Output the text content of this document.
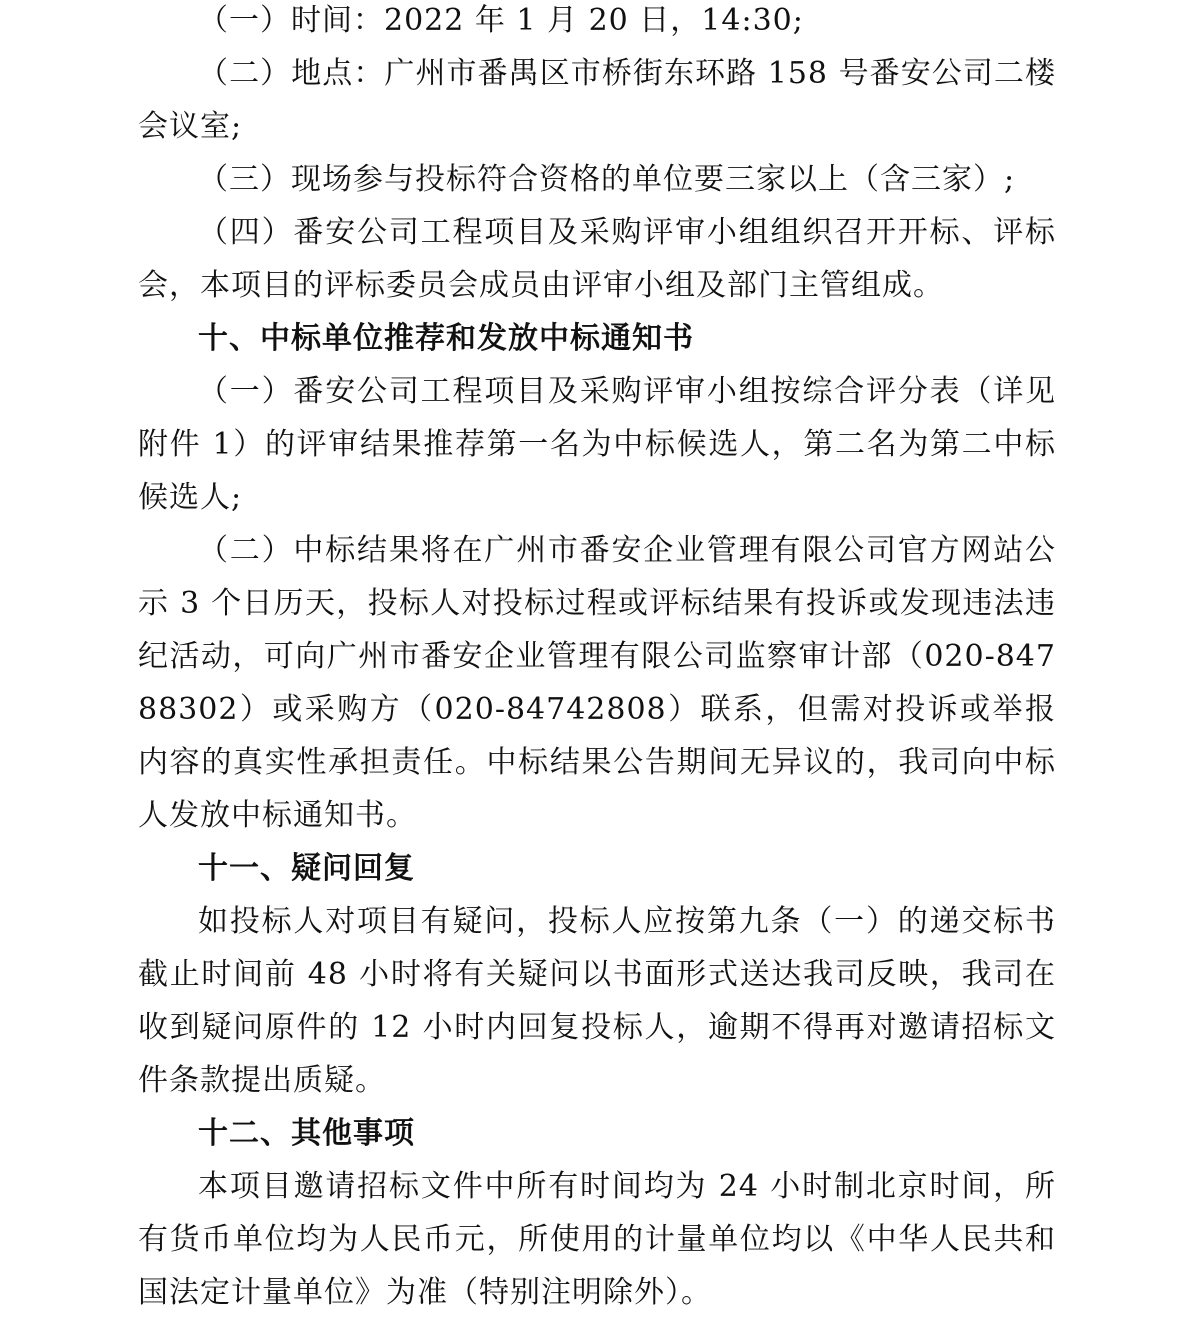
（一）时间：2022 年 1 月 20 日，14:30;

（二）地点：广州市番禺区市桥街东环路 158 号番安公司二楼会议室;

（三）现场参与投标符合资格的单位要三家以上（含三家）;

（四）番安公司工程项目及采购评审小组组织召开开标、评标会，本项目的评标委员会成员由评审小组及部门主管组成。

十、中标单位推荐和发放中标通知书

（一）番安公司工程项目及采购评审小组按综合评分表（详见附件 1）的评审结果推荐第一名为中标候选人，第二名为第二中标候选人;

（二）中标结果将在广州市番安企业管理有限公司官方网站公示 3 个日历天，投标人对投标过程或评标结果有投诉或发现违法违纪活动，可向广州市番安企业管理有限公司监察审计部（020-84788302）或采购方（020-84742808）联系，但需对投诉或举报内容的真实性承担责任。中标结果公告期间无异议的，我司向中标人发放中标通知书。

十一、疑问回复

如投标人对项目有疑问，投标人应按第九条（一）的递交标书截止时间前 48 小时将有关疑问以书面形式送达我司反映，我司在收到疑问原件的 12 小时内回复投标人，逾期不得再对邀请招标文件条款提出质疑。

十二、其他事项

本项目邀请招标文件中所有时间均为 24 小时制北京时间，所有货币单位均为人民币元，所使用的计量单位均以《中华人民共和国法定计量单位》为准（特别注明除外）。
